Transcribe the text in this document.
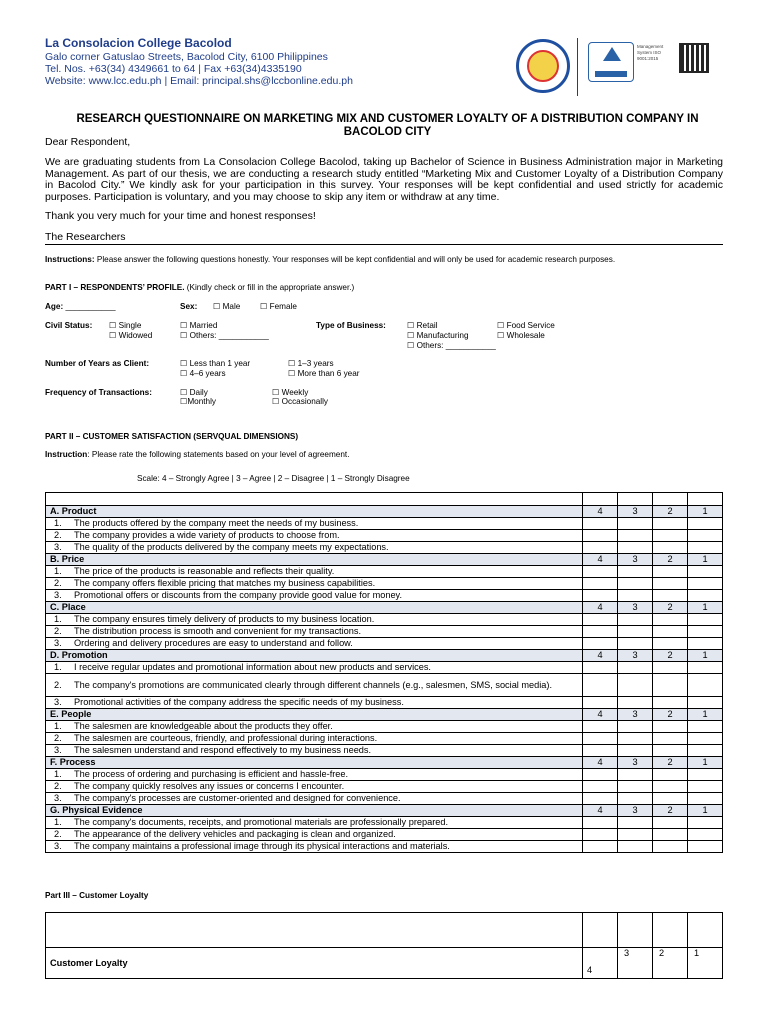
La Consolacion College Bacolod
Galo corner Gatuslao Streets, Bacolod City, 6100 Philippines
Tel. Nos. +63(34) 4349661 to 64 | Fax +63(34)4335190
Website: www.lcc.edu.ph | Email: principal.shs@lccbonline.edu.ph
Management System ISO 9001:2015
RESEARCH QUESTIONNAIRE ON MARKETING MIX AND CUSTOMER LOYALTY OF A DISTRIBUTION COMPANY IN BACOLOD CITY
Dear Respondent,
We are graduating students from La Consolacion College Bacolod, taking up Bachelor of Science in Business Administration major in Marketing Management. As part of our thesis, we are conducting a research study entitled “Marketing Mix and Customer Loyalty of a Distribution Company in Bacolod City.” We kindly ask for your participation in this survey. Your responses will be kept confidential and used strictly for academic purposes. Participation is voluntary, and you may choose to skip any item or withdraw at any time.
Thank you very much for your time and honest responses!
The Researchers
Instructions: Please answer the following questions honestly. Your responses will be kept confidential and will only be used for academic research purposes.
PART I – RESPONDENTS’ PROFILE. (Kindly check or fill in the appropriate answer.)
Age: ___________	Sex: ☐ Male ☐ Female
Civil Status: ☐ Single
☐ Widowed
☐ Married
☐ Others: ___________
Type of Business:	☐ Retail	☐ Food Service
☐ Manufacturing	☐ Wholesale
☐ Others: ___________
Number of Years as Client:	☐ Less than 1 year	☐ 1–3 years
☐ 4–6 years	☐ More than 6 year
Frequency of Transactions:	☐ Daily	☐ Weekly
☐Monthly	☐ Occasionally
PART II – CUSTOMER SATISFACTION (SERVQUAL DIMENSIONS)
Instruction: Please rate the following statements based on your level of agreement.
Scale: 4 – Strongly Agree | 3 – Agree | 2 – Disagree | 1 – Strongly Disagree

A. Product	4	3	2	1

1. The products offered by the company meet the needs of my business.				

2. The company provides a wide variety of products to choose from.				

3. The quality of the products delivered by the company meets my expectations.				

B. Price	4	3	2	1

1. The price of the products is reasonable and reflects their quality.				

2. The company offers flexible pricing that matches my business capabilities.				

3. Promotional offers or discounts from the company provide good value for money.				

C. Place	4	3	2	1

1. The company ensures timely delivery of products to my business location.				

2. The distribution process is smooth and convenient for my transactions.				

3. Ordering and delivery procedures are easy to understand and follow.				

D. Promotion	4	3	2	1

1. I receive regular updates and promotional information about new products and services.				

2. The company's promotions are communicated clearly through different channels (e.g., salesmen, SMS, social media).				

3. Promotional activities of the company address the specific needs of my business.				

E. People	4	3	2	1

1. The salesmen are knowledgeable about the products they offer.				

2. The salesmen are courteous, friendly, and professional during interactions.				

3. The salesmen understand and respond effectively to my business needs.				

F. Process	4	3	2	1

1. The process of ordering and purchasing is efficient and hassle-free.				

2. The company quickly resolves any issues or concerns I encounter.				

3. The company's processes are customer-oriented and designed for convenience.				

G. Physical Evidence	4	3	2	1

1. The company's documents, receipts, and promotional materials are professionally prepared.				

2. The appearance of the delivery vehicles and packaging is clean and organized.				

3. The company maintains a professional image through its physical interactions and materials.				

Part III – Customer Loyalty

Customer Loyalty	4	3	2	1
